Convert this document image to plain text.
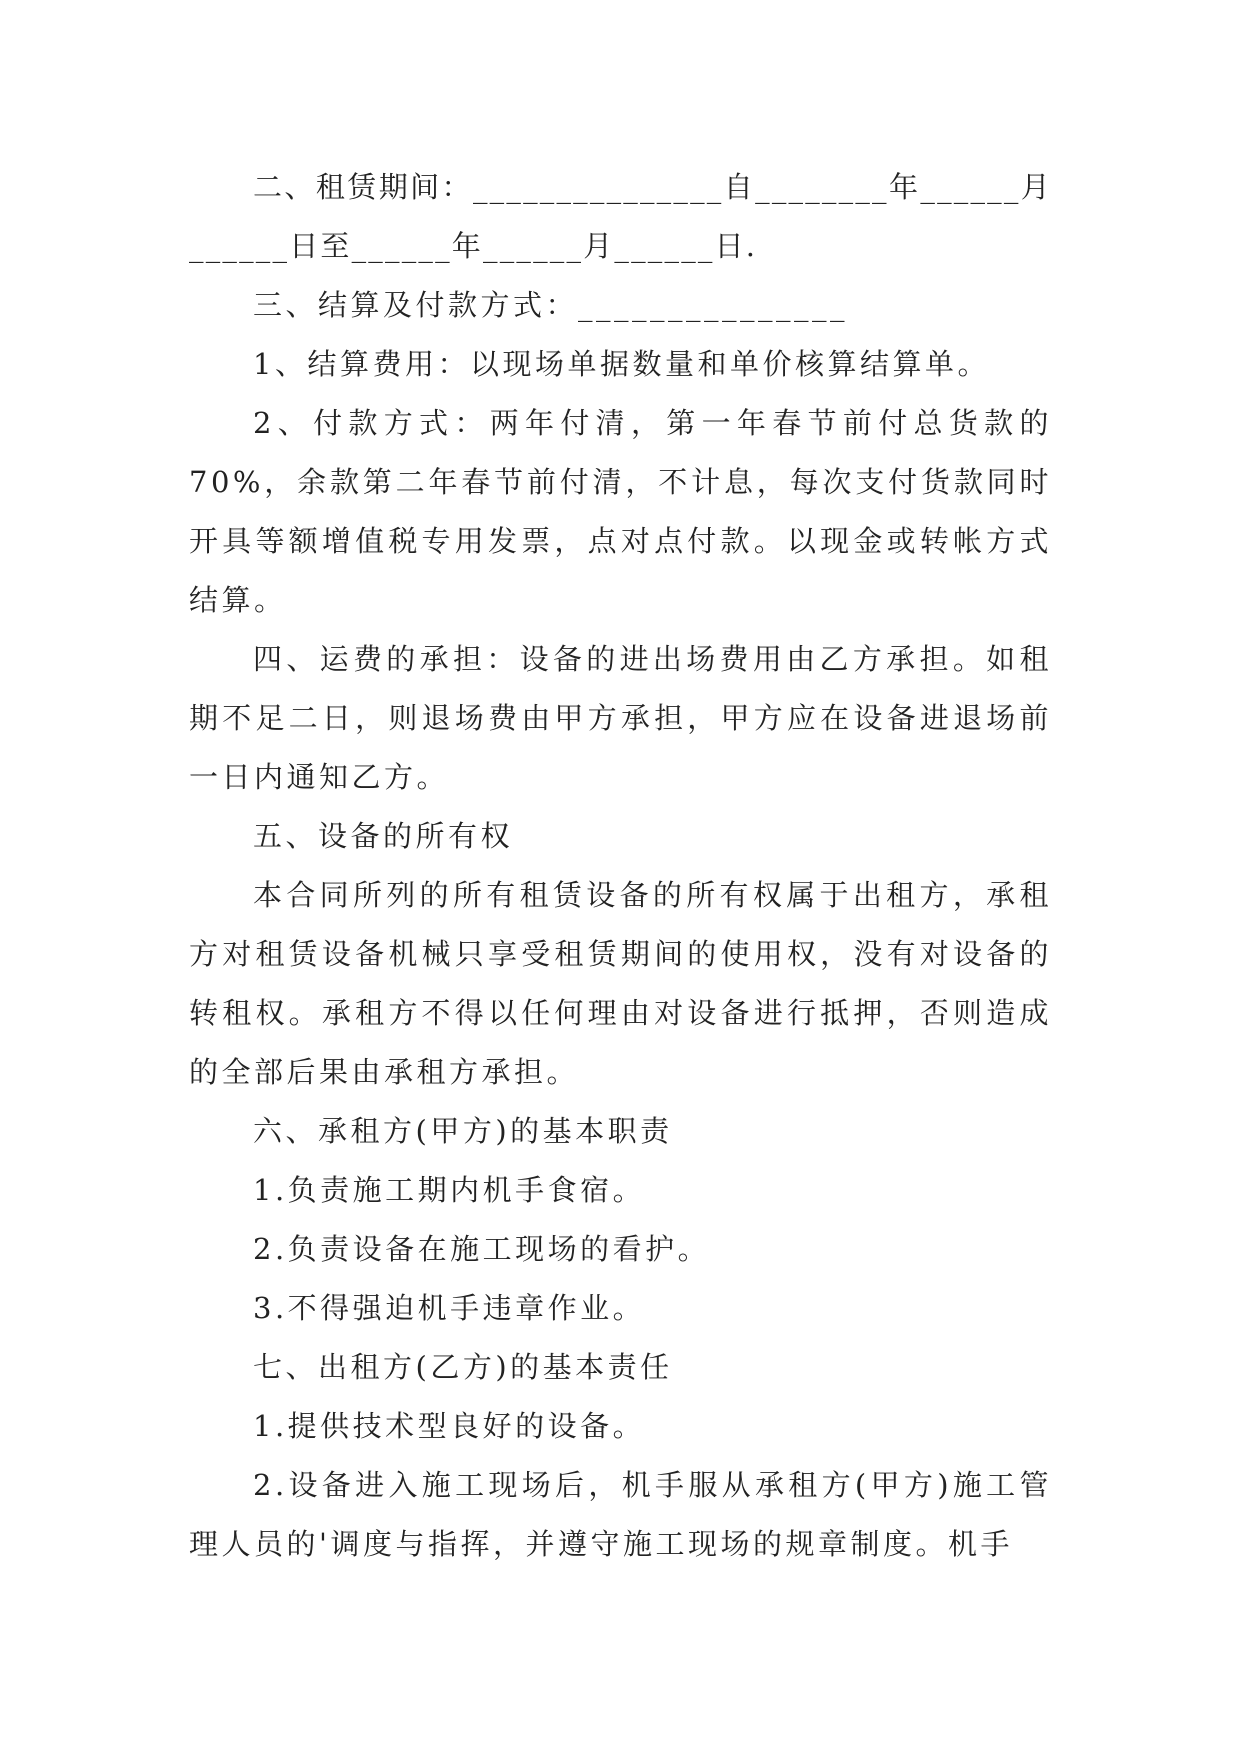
二、租赁期间：_______________自________年______月______日至______年______月______日.

三、结算及付款方式：_______________

1、结算费用：以现场单据数量和单价核算结算单。

2、付款方式：两年付清，第一年春节前付总货款的70%，余款第二年春节前付清，不计息，每次支付货款同时开具等额增值税专用发票，点对点付款。以现金或转帐方式结算。

四、运费的承担：设备的进出场费用由乙方承担。如租期不足二日，则退场费由甲方承担，甲方应在设备进退场前一日内通知乙方。

五、设备的所有权

本合同所列的所有租赁设备的所有权属于出租方，承租方对租赁设备机械只享受租赁期间的使用权，没有对设备的转租权。承租方不得以任何理由对设备进行抵押，否则造成的全部后果由承租方承担。

六、承租方(甲方)的基本职责

1.负责施工期内机手食宿。

2.负责设备在施工现场的看护。

3.不得强迫机手违章作业。

七、出租方(乙方)的基本责任

1.提供技术型良好的设备。

2.设备进入施工现场后，机手服从承租方(甲方)施工管理人员的'调度与指挥，并遵守施工现场的规章制度。机手
